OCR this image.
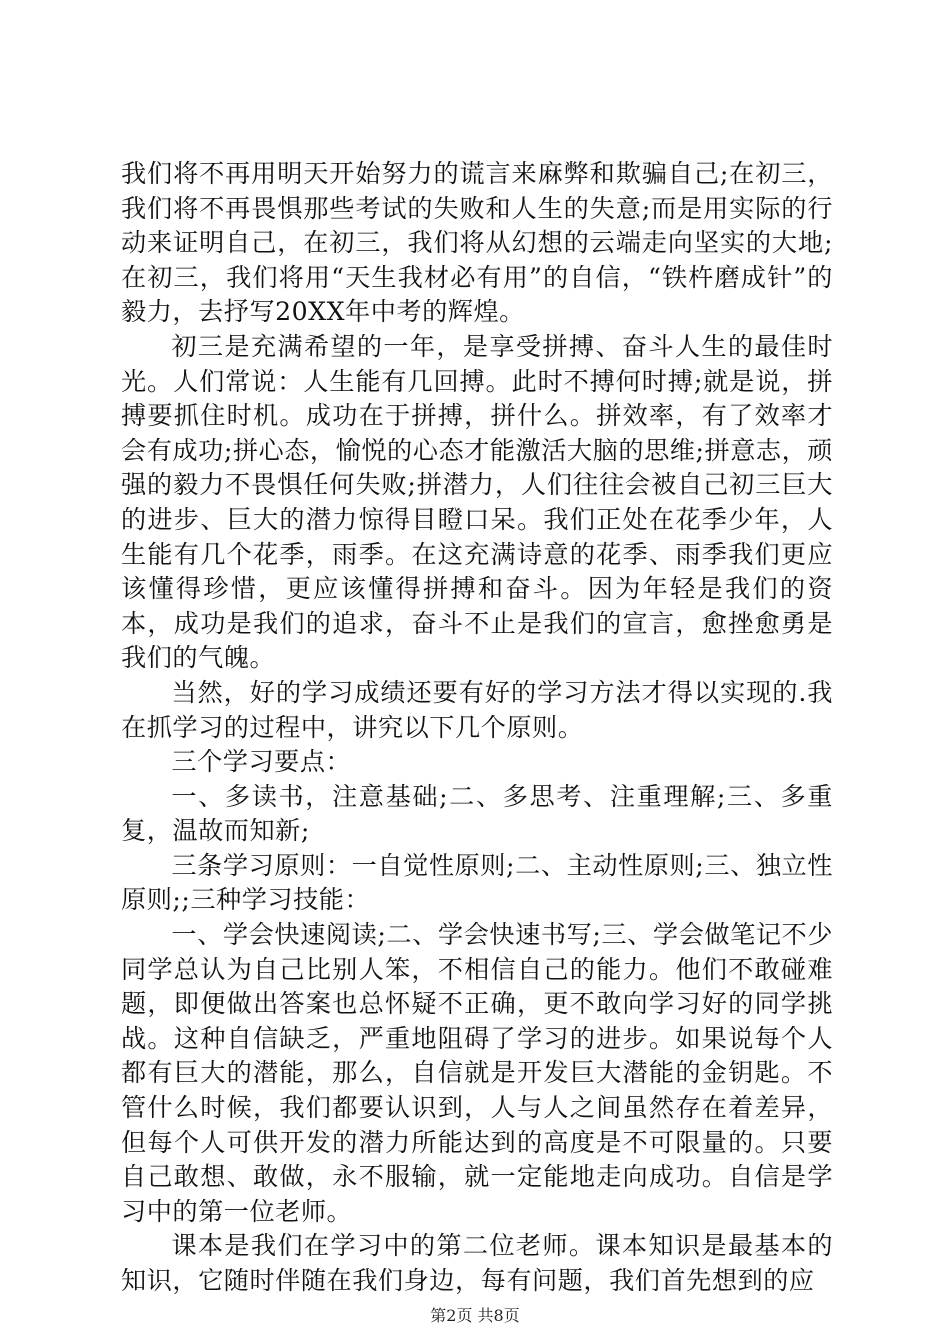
我们将不再用明天开始努力的谎言来麻弊和欺骗自己;在初三，我们将不再畏惧那些考试的失败和人生的失意;而是用实际的行动来证明自己，在初三，我们将从幻想的云端走向坚实的大地;在初三，我们将用“天生我材必有用”的自信，“铁杵磨成针”的毅力，去抒写20XX年中考的辉煌。

初三是充满希望的一年，是享受拼搏、奋斗人生的最佳时光。人们常说：人生能有几回搏。此时不搏何时搏;就是说，拼搏要抓住时机。成功在于拼搏，拼什么。拼效率，有了效率才会有成功;拼心态，愉悦的心态才能激活大脑的思维;拼意志，顽强的毅力不畏惧任何失败;拼潜力，人们往往会被自己初三巨大的进步、巨大的潜力惊得目瞪口呆。我们正处在花季少年，人生能有几个花季，雨季。在这充满诗意的花季、雨季我们更应该懂得珍惜，更应该懂得拼搏和奋斗。因为年轻是我们的资本，成功是我们的追求，奋斗不止是我们的宣言，愈挫愈勇是我们的气魄。

当然，好的学习成绩还要有好的学习方法才得以实现的.我在抓学习的过程中，讲究以下几个原则。

三个学习要点：

一、多读书，注意基础;二、多思考、注重理解;三、多重复，温故而知新;

三条学习原则：一自觉性原则;二、主动性原则;三、独立性原则;;三种学习技能：

一、学会快速阅读;二、学会快速书写;三、学会做笔记不少同学总认为自己比别人笨，不相信自己的能力。他们不敢碰难题，即便做出答案也总怀疑不正确，更不敢向学习好的同学挑战。这种自信缺乏，严重地阻碍了学习的进步。如果说每个人都有巨大的潜能，那么，自信就是开发巨大潜能的金钥匙。不管什么时候，我们都要认识到，人与人之间虽然存在着差异，但每个人可供开发的潜力所能达到的高度是不可限量的。只要自己敢想、敢做，永不服输，就一定能地走向成功。自信是学习中的第一位老师。

课本是我们在学习中的第二位老师。课本知识是最基本的知识，它随时伴随在我们身边，每有问题，我们首先想到的应

第2页 共8页
